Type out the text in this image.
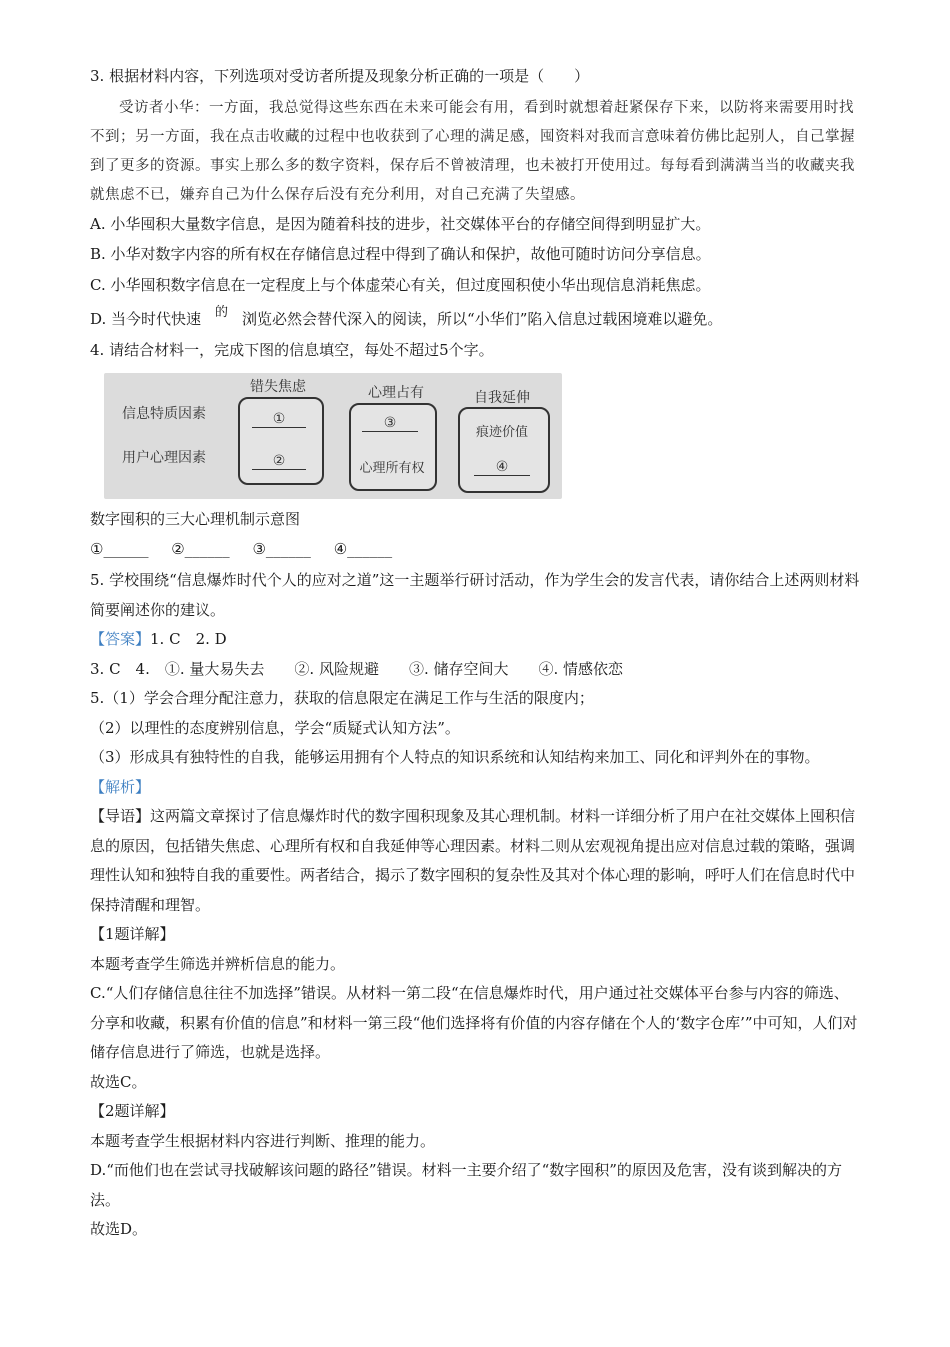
3. 根据材料内容，下列选项对受访者所提及现象分析正确的一项是（　　）
受访者小华：一方面，我总觉得这些东西在未来可能会有用，看到时就想着赶紧保存下来，以防将来需要用时找不到；另一方面，我在点击收藏的过程中也收获到了心理的满足感，囤资料对我而言意味着仿佛比起别人，自己掌握到了更多的资源。事实上那么多的数字资料，保存后不曾被清理，也未被打开使用过。每每看到满满当当的收藏夹我就焦虑不已，嫌弃自己为什么保存后没有充分利用，对自己充满了失望感。
A. 小华囤积大量数字信息，是因为随着科技的进步，社交媒体平台的存储空间得到明显扩大。
B. 小华对数字内容的所有权在存储信息过程中得到了确认和保护，故他可随时访问分享信息。
C. 小华囤积数字信息在一定程度上与个体虚荣心有关，但过度囤积使小华出现信息消耗焦虑。
D. 当今时代快速 的 浏览必然会替代深入的阅读，所以“小华们”陷入信息过载困境难以避免。
4. 请结合材料一，完成下图的信息填空，每处不超过5个字。
信息特质因素
用户心理因素
错失焦虑	心理占有	自我延伸
①
②
③
心理所有权
痕迹价值
④
数字囤积的三大心理机制示意图
①______ ②______ ③______ ④______
5. 学校围绕“信息爆炸时代个人的应对之道”这一主题举行研讨活动，作为学生会的发言代表，请你结合上述两则材料简要阐述你的建议。
【答案】1. C　2. D
3. C　4.　①. 量大易失去　　②. 风险规避　　③. 储存空间大　　④. 情感依恋
5.（1）学会合理分配注意力，获取的信息限定在满足工作与生活的限度内；
（2）以理性的态度辨别信息，学会“质疑式认知方法”。
（3）形成具有独特性的自我，能够运用拥有个人特点的知识系统和认知结构来加工、同化和评判外在的事物。
【解析】
【导语】这两篇文章探讨了信息爆炸时代的数字囤积现象及其心理机制。材料一详细分析了用户在社交媒体上囤积信息的原因，包括错失焦虑、心理所有权和自我延伸等心理因素。材料二则从宏观视角提出应对信息过载的策略，强调理性认知和独特自我的重要性。两者结合，揭示了数字囤积的复杂性及其对个体心理的影响，呼吁人们在信息时代中保持清醒和理智。
【1题详解】
本题考查学生筛选并辨析信息的能力。
C.“人们存储信息往往不加选择”错误。从材料一第二段“在信息爆炸时代，用户通过社交媒体平台参与内容的筛选、分享和收藏，积累有价值的信息”和材料一第三段“他们选择将有价值的内容存储在个人的‘数字仓库’”中可知，人们对储存信息进行了筛选，也就是选择。
故选C。
【2题详解】
本题考查学生根据材料内容进行判断、推理的能力。
D.“而他们也在尝试寻找破解该问题的路径”错误。材料一主要介绍了“数字囤积”的原因及危害，没有谈到解决的方法。
故选D。
